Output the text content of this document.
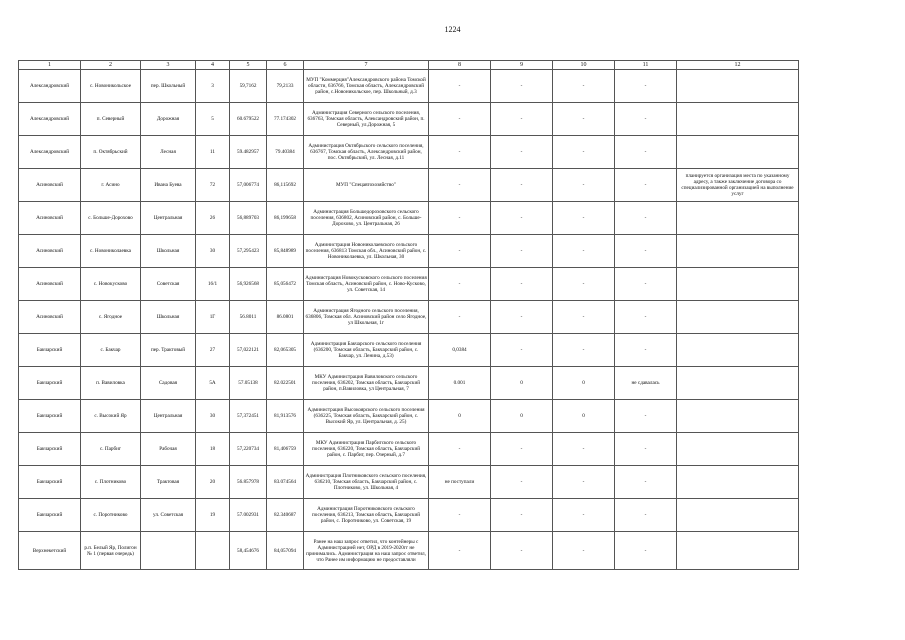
1224
1	2	3	4	5	6	7	8	9	10	11	12
Александровский	с. Новоникольское	пер. Школьный	3	59,7162	79,2133	МУП "Коммерция"Александровского района Томской области, 636766, Томская область, Александровский район, с.Новоникольское, пер. Школьный, д.3	-	-	-	-	
Александровский	п. Северный	Дорожная	5	60.679522	77.174302	Администрация Северного сельского поселения, 636763, Томская область, Александровский район, п. Северный, ул.Дорожная, 5	-	-	-	-	
Александровский	п. Октябрьский	Лесная	11	59.482957	79.40384	Администрация Октябрьского сельского поселения, 636767, Томская область, Александровский район, пос. Октябрьский, ул. Лесная, д.11	-	-	-	-	
Асиновский	г. Асино	Ивана Буева	72	57,006774	86,115692	МУП "Спецавтохозяйство"	-	-	-	-	планируется организация места по указанному адресу, а также заключение договора со специализированной организацией на выполнение услуг
Асиновский	с. Больше-Дорохово	Центральная	26	56,889703	86,199658	Администрация Большедороховского сельского поселения, 636802, Асиновский район, с. Больше-Дорохово, ул. Центральная, 26	-	-	-	-	
Асиновский	с. Новониколаевка	Школьная	30	57,295423	85,848989	Администрация Новониколаевского сельского поселения, 636813 Томская обл., Асиновский район, с. Новониколаевка, ул. Школьная, 30	-	-	-	-	
Асиновский	с. Новокусково	Советская	16/1	56,926568	85,056472	Администрация Новокусковского сельского поселения Томская область, Асиновский район, с. Ново-Кусково, ул. Советская, 14	-	-	-	-	
Асиновский	с. Ягодное	Школьная	1Г	56.8011	86.0801	Администрация Ягодного сельского поселения, 636806, Томская обл. Асиновский район село Ягодное, ул Школьная, 1г	-	-	-	-	
Бакчарский	с. Бакчар	пер. Трактовый	27	57,022121	82,065305	Администрация Бакчарского сельского поселения (636200, Томская область, Бакчарский район, с. Бакчар, ул. Ленина, д.53)	0,0384	-	-	-	
Бакчарский	п. Вавиловка	Садовая	5А	57.05138	82.022501	МКУ Администрация Вавиловского сельского поселения, 636202, Томская область, Бакчарский район, п.Вавиловка, ул Центральная, 7	0.001	0	0	не сдавалась	
Бакчарский	с. Высокий Яр	Центральная	30	57,372451	81,913576	Администрация Высокоярского сельского поселения (636225, Томская область, Бакчарский район, с. Высокий Яр, ул. Центральная, д. 25)	0	0	0	-	
Бакчарский	с. Парбиг	Рабочая	18	57,220734	81,406759	МКУ Администрация Парбигского сельского поселения, 636220, Томская область, Бакчарский район, с. Парбиг, пер. Озерный, д.7	-	-	-	-	
Бакчарский	с. Плотниково	Трактовая	20	56.857978	83.074564	Администрация Плотниковского сельского поселения, 636210, Томская область, Бакчарский район, с. Плотниково, ул. Школьная, 4	не поступали	-	-	-	
Бакчарский	с. Поротниково	ул. Советская	19	57.002931	82.340687	Администрация Поротниковского сельского поселения, 636213, Томская область, Бакчарский район, с. Поротниково, ул. Советская, 19	-	-	-	-	
Верхнекетский	р.п. Белый Яр, Полигон № 1 (первая очередь)			58,454676	84,057094	Ранее на наш запрос ответил, что контейнеры с Администрацией нет, ОРД в 2019-2020гг не принимались. Администрация на наш запрос ответил, что Ранее им информацию не предоставляли	-	-	-	-	
